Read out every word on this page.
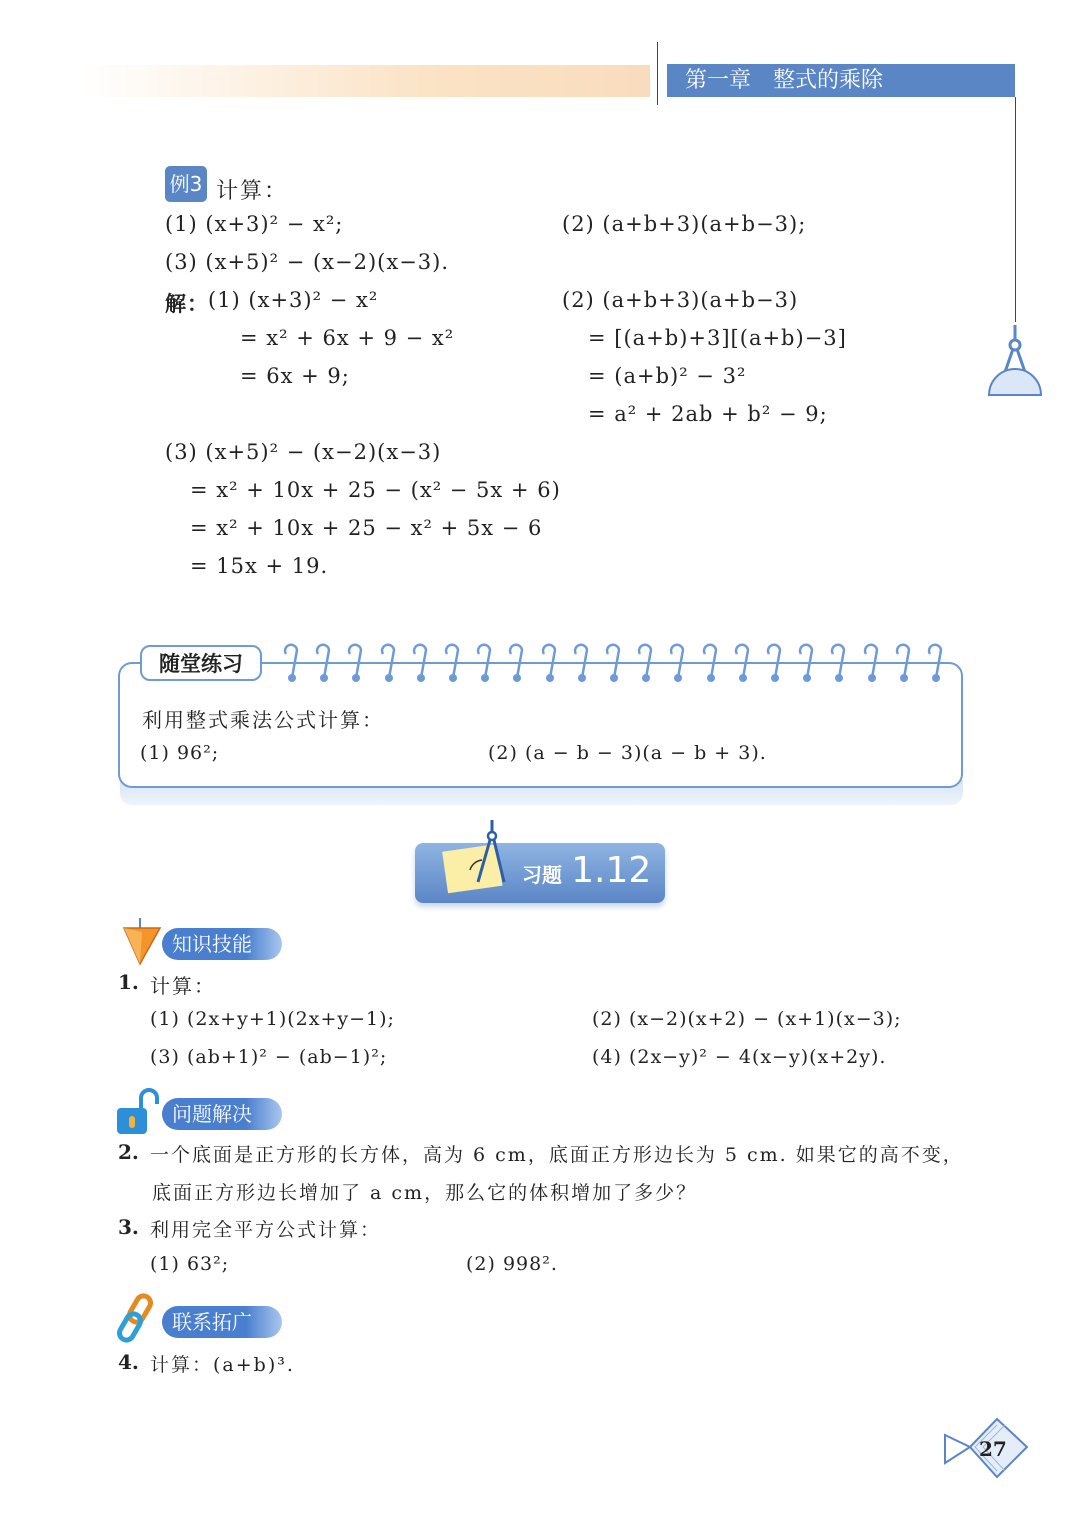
第一章　整式的乘除
例3 计算：
(1) (x+3)² − x²;	(2) (a+b+3)(a+b−3);
(3) (x+5)² − (x−2)(x−3).
解： (1) (x+3)² − x²
= x² + 6x + 9 − x²
= 6x + 9;
(2) (a+b+3)(a+b−3)
= [(a+b)+3][(a+b)−3]
= (a+b)² − 3²
= a² + 2ab + b² − 9;
(3) (x+5)² − (x−2)(x−3)
= x² + 10x + 25 − (x² − 5x + 6)
= x² + 10x + 25 − x² + 5x − 6
= 15x + 19.
随堂练习
利用整式乘法公式计算：
(1) 96²;	(2) (a − b − 3)(a − b + 3).
习题 1.12
知识技能
1. 计算：
(1) (2x+y+1)(2x+y−1);	(2) (x−2)(x+2) − (x+1)(x−3);
(3) (ab+1)² − (ab−1)²;	(4) (2x−y)² − 4(x−y)(x+2y).
问题解决
2. 一个底面是正方形的长方体，高为 6 cm，底面正方形边长为 5 cm. 如果它的高不变，
底面正方形边长增加了 a cm，那么它的体积增加了多少？
3. 利用完全平方公式计算：
(1) 63²;	(2) 998².
联系拓广
4. 计算：(a+b)³.
27
